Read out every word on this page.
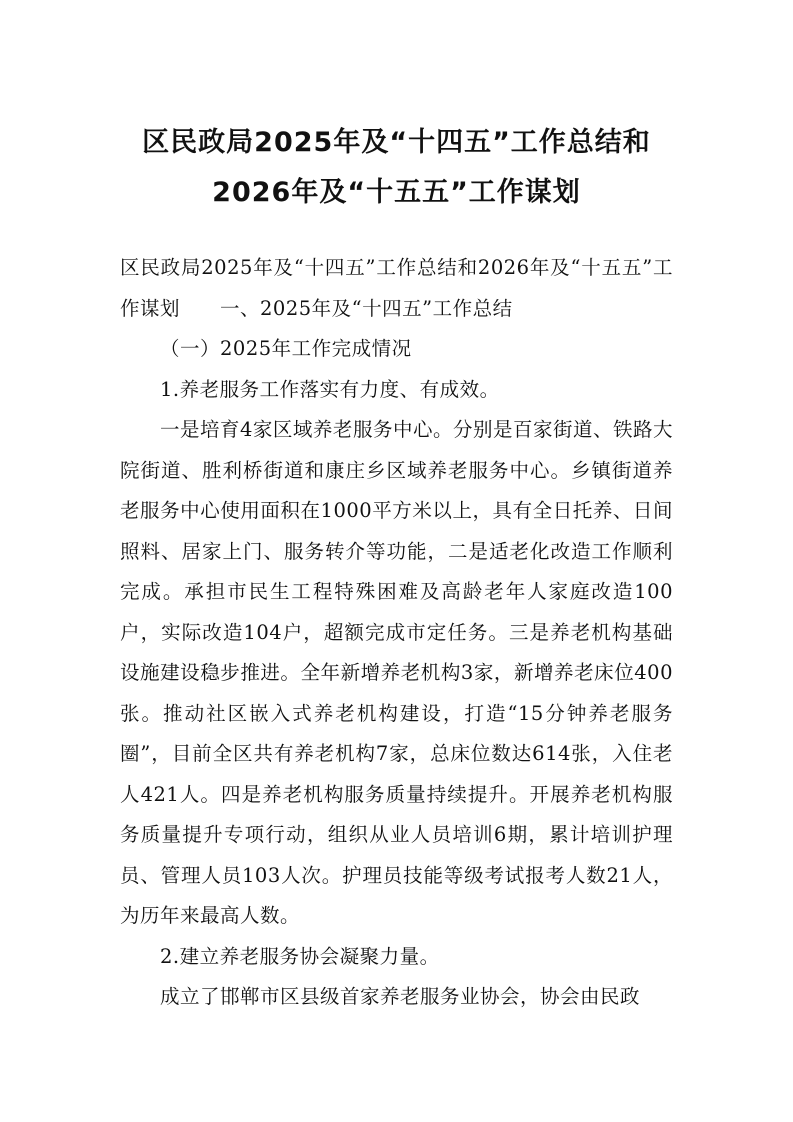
区民政局2025年及“十四五”工作总结和
2026年及“十五五”工作谋划

区民政局2025年及“十四五”工作总结和2026年及“十五五”工作谋划 一、2025年及“十四五”工作总结

（一）2025年工作完成情况

1.养老服务工作落实有力度、有成效。

一是培育4家区域养老服务中心。分别是百家街道、铁路大院街道、胜利桥街道和康庄乡区域养老服务中心。乡镇街道养老服务中心使用面积在1000平方米以上，具有全日托养、日间照料、居家上门、服务转介等功能，二是适老化改造工作顺利完成。承担市民生工程特殊困难及高龄老年人家庭改造100户，实际改造104户，超额完成市定任务。三是养老机构基础设施建设稳步推进。全年新增养老机构3家，新增养老床位400张。推动社区嵌入式养老机构建设，打造“15分钟养老服务圈”，目前全区共有养老机构7家，总床位数达614张，入住老人421人。四是养老机构服务质量持续提升。开展养老机构服务质量提升专项行动，组织从业人员培训6期，累计培训护理员、管理人员103人次。护理员技能等级考试报考人数21人，为历年来最高人数。

2.建立养老服务协会凝聚力量。

成立了邯郸市区县级首家养老服务业协会，协会由民政
